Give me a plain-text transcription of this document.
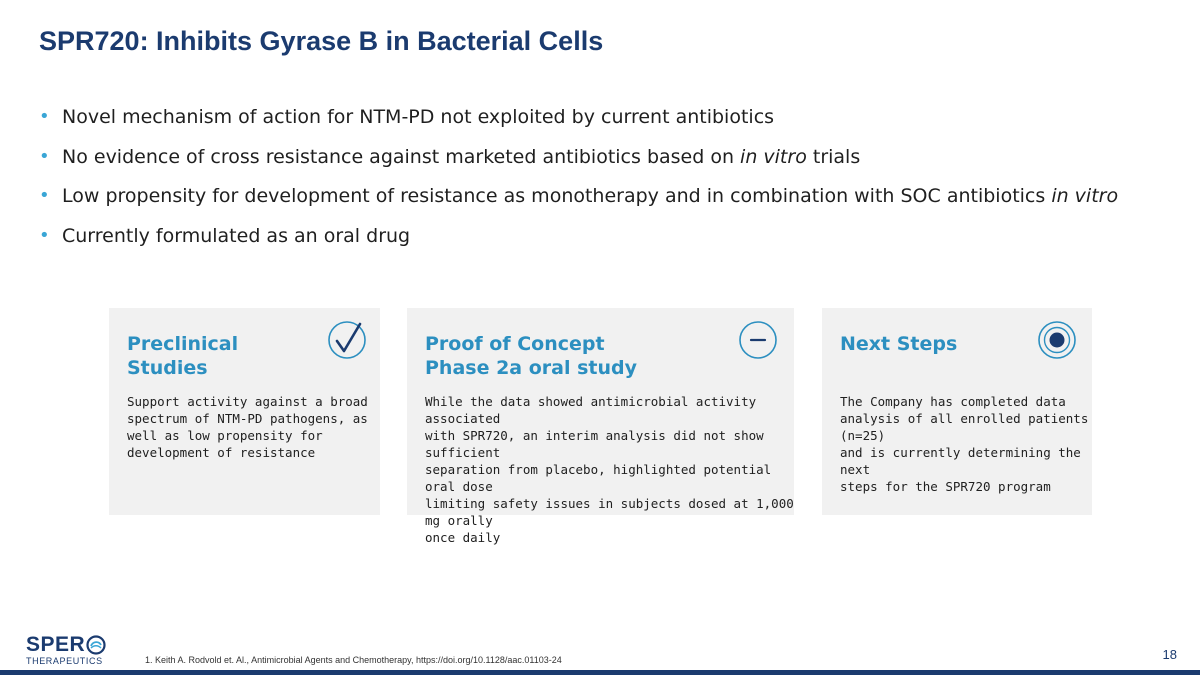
SPR720: Inhibits Gyrase B in Bacterial Cells
• Novel mechanism of action for NTM-PD not exploited by current antibiotics
• No evidence of cross resistance against marketed antibiotics based on in vitro trials
• Low propensity for development of resistance as monotherapy and in combination with SOC antibiotics in vitro
• Currently formulated as an oral drug
Preclinical
Studies
Support activity against a broad
spectrum of NTM-PD pathogens, as
well as low propensity for
development of resistance
Proof of Concept
Phase 2a oral study
While the data showed antimicrobial activity associated
with SPR720, an interim analysis did not show sufficient
separation from placebo, highlighted potential oral dose
limiting safety issues in subjects dosed at 1,000 mg orally
once daily
Next Steps
The Company has completed data
analysis of all enrolled patients (n=25)
and is currently determining the next
steps for the SPR720 program
SPER
THERAPEUTICS	1. Keith A. Rodvold et. Al., Antimicrobial Agents and Chemotherapy, https://doi.org/10.1128/aac.01103-24	18
